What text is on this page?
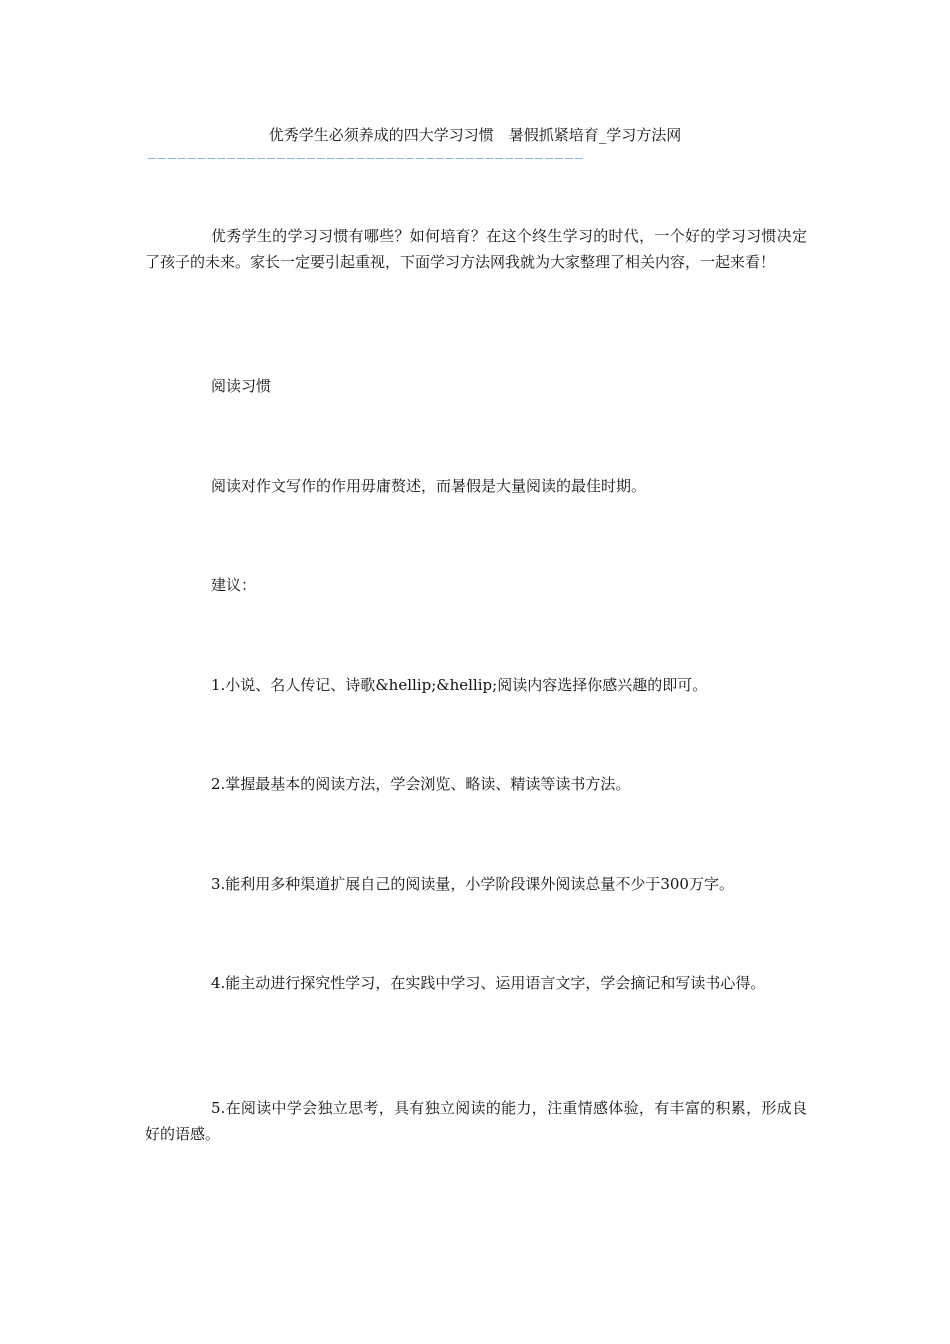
优秀学生必须养成的四大学习习惯　暑假抓紧培育_学习方法网
————————————————————————————————————————————

优秀学生的学习习惯有哪些？如何培育？在这个终生学习的时代，一个好的学习习惯决定了孩子的未来。家长一定要引起重视，下面学习方法网我就为大家整理了相关内容，一起来看！

阅读习惯

阅读对作文写作的作用毋庸赘述，而暑假是大量阅读的最佳时期。

建议：

1.小说、名人传记、诗歌&hellip;&hellip;阅读内容选择你感兴趣的即可。

2.掌握最基本的阅读方法，学会浏览、略读、精读等读书方法。

3.能利用多种渠道扩展自己的阅读量，小学阶段课外阅读总量不少于300万字。

4.能主动进行探究性学习，在实践中学习、运用语言文字，学会摘记和写读书心得。

5.在阅读中学会独立思考，具有独立阅读的能力，注重情感体验，有丰富的积累，形成良好的语感。
